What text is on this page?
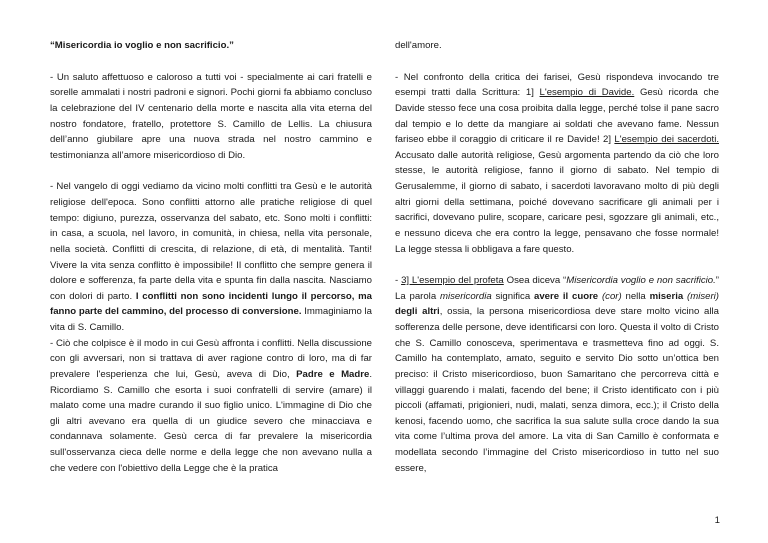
“Misericordia io voglio e non sacrificio.”

- Un saluto affettuoso e caloroso a tutti voi - specialmente ai cari fratelli e sorelle ammalati i nostri padroni e signori. Pochi giorni fa abbiamo concluso la celebrazione del IV centenario della morte e nascita alla vita eterna del nostro fondatore, fratello, protettore S. Camillo de Lellis. La chiusura dell’anno giubilare apre una nuova strada nel nostro cammino e testimonianza all’amore misericordioso di Dio.

- Nel vangelo di oggi vediamo da vicino molti conflitti tra Gesù e le autorità religiose dell'epoca. Sono conflitti attorno alle pratiche religiose di quel tempo: digiuno, purezza, osservanza del sabato, etc. Sono molti i conflitti: in casa, a scuola, nel lavoro, in comunità, in chiesa, nella vita personale, nella società. Conflitti di crescita, di relazione, di età, di mentalità. Tanti! Vivere la vita senza conflitto è impossibile! Il conflitto che sempre genera il dolore e sofferenza, fa parte della vita e spunta fin dalla nascita. Nasciamo con dolori di parto. I conflitti non sono incidenti lungo il percorso, ma fanno parte del cammino, del processo di conversione. Immaginiamo la vita di S. Camillo.

- Ciò che colpisce è il modo in cui Gesù affronta i conflitti. Nella discussione con gli avversari, non si trattava di aver ragione contro di loro, ma di far prevalere l'esperienza che lui, Gesù, aveva di Dio, Padre e Madre. Ricordiamo S. Camillo che esorta i suoi confratelli di servire (amare) il malato come una madre curando il suo figlio unico. L'immagine di Dio che gli altri avevano era quella di un giudice severo che minacciava e condannava solamente. Gesù cerca di far prevalere la misericordia sull'osservanza cieca delle norme e della legge che non avevano nulla a che vedere con l'obiettivo della Legge che è la pratica

dell'amore.

- Nel confronto della critica dei farisei, Gesù rispondeva invocando tre esempi tratti dalla Scrittura: 1] L'esempio di Davide. Gesù ricorda che Davide stesso fece una cosa proibita dalla legge, perché tolse il pane sacro dal tempio e lo dette da mangiare ai soldati che avevano fame. Nessun fariseo ebbe il coraggio di criticare il re Davide! 2] L'esempio dei sacerdoti. Accusato dalle autorità religiose, Gesù argomenta partendo da ciò che loro stesse, le autorità religiose, fanno il giorno di sabato. Nel tempio di Gerusalemme, il giorno di sabato, i sacerdoti lavoravano molto di più degli altri giorni della settimana, poiché dovevano sacrificare gli animali per i sacrifici, dovevano pulire, scopare, caricare pesi, sgozzare gli animali, etc., e nessuno diceva che era contro la legge, pensavano che fosse normale! La legge stessa li obbligava a fare questo.

- 3] L'esempio del profeta Osea diceva “Misericordia voglio e non sacrificio.” La parola misericordia significa avere il cuore (cor) nella miseria (miseri) degli altri, ossia, la persona misericordiosa deve stare molto vicino alla sofferenza delle persone, deve identificarsi con loro. Questa il volto di Cristo che S. Camillo conosceva, sperimentava e trasmetteva fino ad oggi. S. Camillo ha contemplato, amato, seguito e servito Dio sotto un’ottica ben preciso: il Cristo misericordioso, buon Samaritano che percorreva città e villaggi guarendo i malati, facendo del bene; il Cristo identificato con i più piccoli (affamati, prigionieri, nudi, malati, senza dimora, ecc.); il Cristo della kenosi, facendo uomo, che sacrifica la sua salute sulla croce dando la sua vita come l’ultima prova del amore. La vita di San Camillo è conformata e modellata secondo l’immagine del Cristo misericordioso in tutto nel suo essere,

1
